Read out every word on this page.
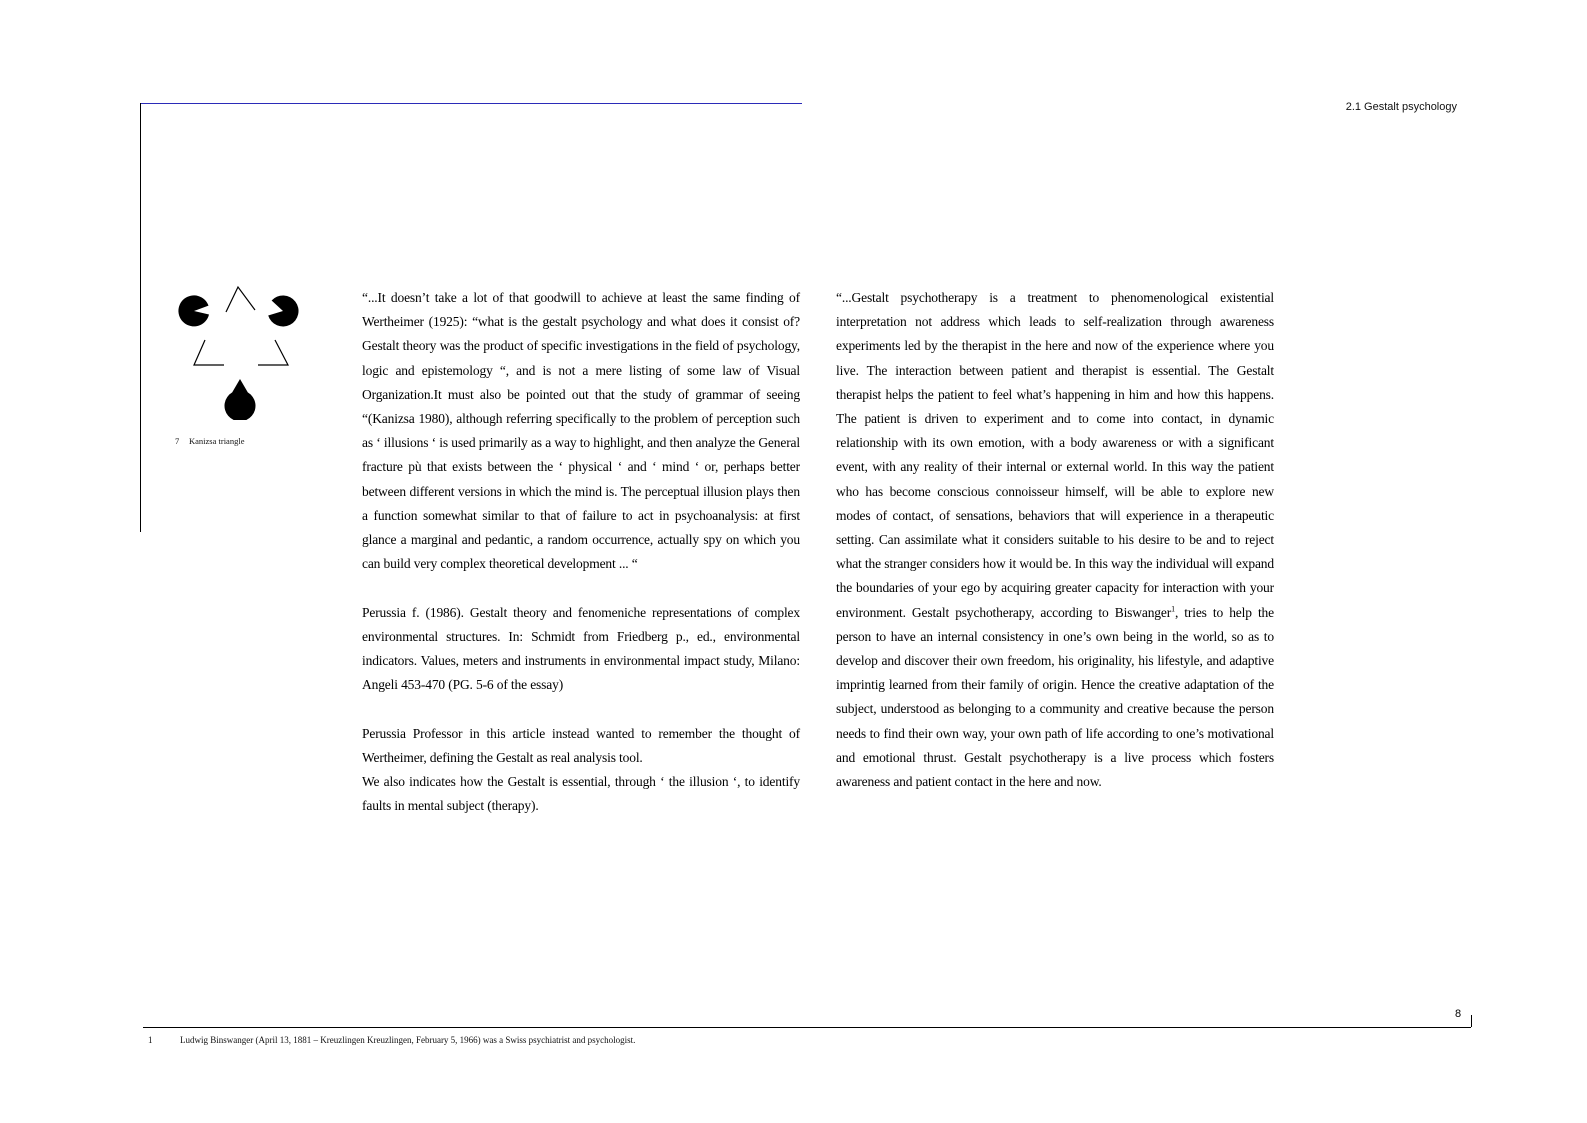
2.1 Gestalt psychology
7 Kanizsa triangle

“...It doesn’t take a lot of that goodwill to achieve at least the same finding of Wertheimer (1925): “what is the gestalt psychology and what does it consist of? Gestalt theory was the product of specific investigations in the field of psychology, logic and epistemology “, and is not a mere listing of some law of Visual Organization.It must also be pointed out that the study of grammar of seeing “(Kanizsa 1980), although referring specifically to the problem of perception such as ‘ illusions ‘ is used primarily as a way to highlight, and then analyze the General fracture pù that exists between the ‘ physical ‘ and ‘ mind ‘ or, perhaps better between different versions in which the mind is. The perceptual illusion plays then a function somewhat similar to that of failure to act in psychoanalysis: at first glance a marginal and pedantic, a random occurrence, actually spy on which you can build very complex theoretical development ... “

Perussia f. (1986). Gestalt theory and fenomeniche representations of complex environmental structures. In: Schmidt from Friedberg p., ed., environmental indicators. Values, meters and instruments in environmental impact study, Milano: Angeli 453-470 (PG. 5-6 of the essay)

Perussia Professor in this article instead wanted to remember the thought of Wertheimer, defining the Gestalt as real analysis tool.

We also indicates how the Gestalt is essential, through ‘ the illusion ‘, to identify faults in mental subject (therapy).

“...Gestalt psychotherapy is a treatment to phenomenological existential interpretation not address which leads to self-realization through awareness experiments led by the therapist in the here and now of the experience where you live. The interaction between patient and therapist is essential. The Gestalt therapist helps the patient to feel what’s happening in him and how this happens. The patient is driven to experiment and to come into contact, in dynamic relationship with its own emotion, with a body awareness or with a significant event, with any reality of their internal or external world. In this way the patient who has become conscious connoisseur himself, will be able to explore new modes of contact, of sensations, behaviors that will experience in a therapeutic setting. Can assimilate what it considers suitable to his desire to be and to reject what the stranger considers how it would be. In this way the individual will expand the boundaries of your ego by acquiring greater capacity for interaction with your environment. Gestalt psychotherapy, according to Biswanger$^1$, tries to help the person to have an internal consistency in one’s own being in the world, so as to develop and discover their own freedom, his originality, his lifestyle, and adaptive imprintig learned from their family of origin. Hence the creative adaptation of the subject, understood as belonging to a community and creative because the person needs to find their own way, your own path of life according to one’s motivational and emotional thrust. Gestalt psychotherapy is a live process which fosters awareness and patient contact in the here and now.

8
1	Ludwig Binswanger (April 13, 1881 – Kreuzlingen Kreuzlingen, February 5, 1966) was a Swiss psychiatrist and psychologist.
